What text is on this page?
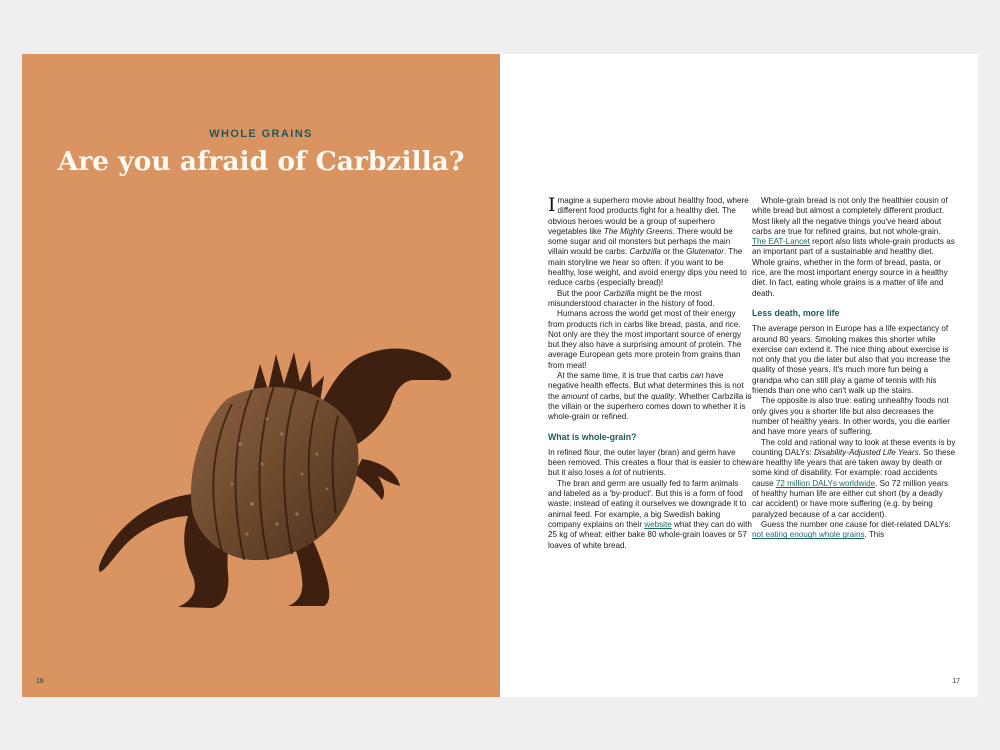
WHOLE GRAINS
Are you afraid of Carbzilla?
16

Imagine a superhero movie about healthy food, where different food products fight for a healthy diet. The obvious heroes would be a group of superhero vegetables like The Mighty Greens. There would be some sugar and oil monsters but perhaps the main villain would be carbs: Carbzilla or the Glutenator. The main storyline we hear so often: if you want to be healthy, lose weight, and avoid energy dips you need to reduce carbs (especially bread)!

But the poor Carbzilla might be the most misunderstood character in the history of food.

Humans across the world get most of their energy from products rich in carbs like bread, pasta, and rice. Not only are they the most important source of energy but they also have a surprising amount of protein. The average European gets more protein from grains than from meat!

At the same time, it is true that carbs can have negative health effects. But what determines this is not the amount of carbs, but the quality. Whether Carbzilla is the villain or the superhero comes down to whether it is whole-grain or refined.

What is whole-grain?

In refined flour, the outer layer (bran) and germ have been removed. This creates a flour that is easier to chew but it also loses a lot of nutrients.

The bran and germ are usually fed to farm animals and labeled as a 'by-product'. But this is a form of food waste: instead of eating it ourselves we downgrade it to animal feed. For example, a big Swedish baking company explains on their website what they can do with 25 kg of wheat: either bake 80 whole-grain loaves or 57 loaves of white bread.

Whole-grain bread is not only the healthier cousin of white bread but almost a completely different product. Most likely all the negative things you've heard about carbs are true for refined grains, but not whole-grain. The EAT-Lancet report also lists whole-grain products as an important part of a sustainable and healthy diet. Whole grains, whether in the form of bread, pasta, or rice, are the most important energy source in a healthy diet. In fact, eating whole grains is a matter of life and death.

Less death, more life

The average person in Europe has a life expectancy of around 80 years. Smoking makes this shorter while exercise can extend it. The nice thing about exercise is not only that you die later but also that you increase the quality of those years. It's much more fun being a grandpa who can still play a game of tennis with his friends than one who can't walk up the stairs.

The opposite is also true: eating unhealthy foods not only gives you a shorter life but also decreases the number of healthy years. In other words, you die earlier and have more years of suffering.

The cold and rational way to look at these events is by counting DALYs: Disability-Adjusted Life Years. So these are healthy life years that are taken away by death or some kind of disability. For example: road accidents cause 72 million DALYs worldwide. So 72 million years of healthy human life are either cut short (by a deadly car accident) or have more suffering (e.g. by being paralyzed because of a car accident).

Guess the number one cause for diet-related DALYs: not eating enough whole grains. This

17
